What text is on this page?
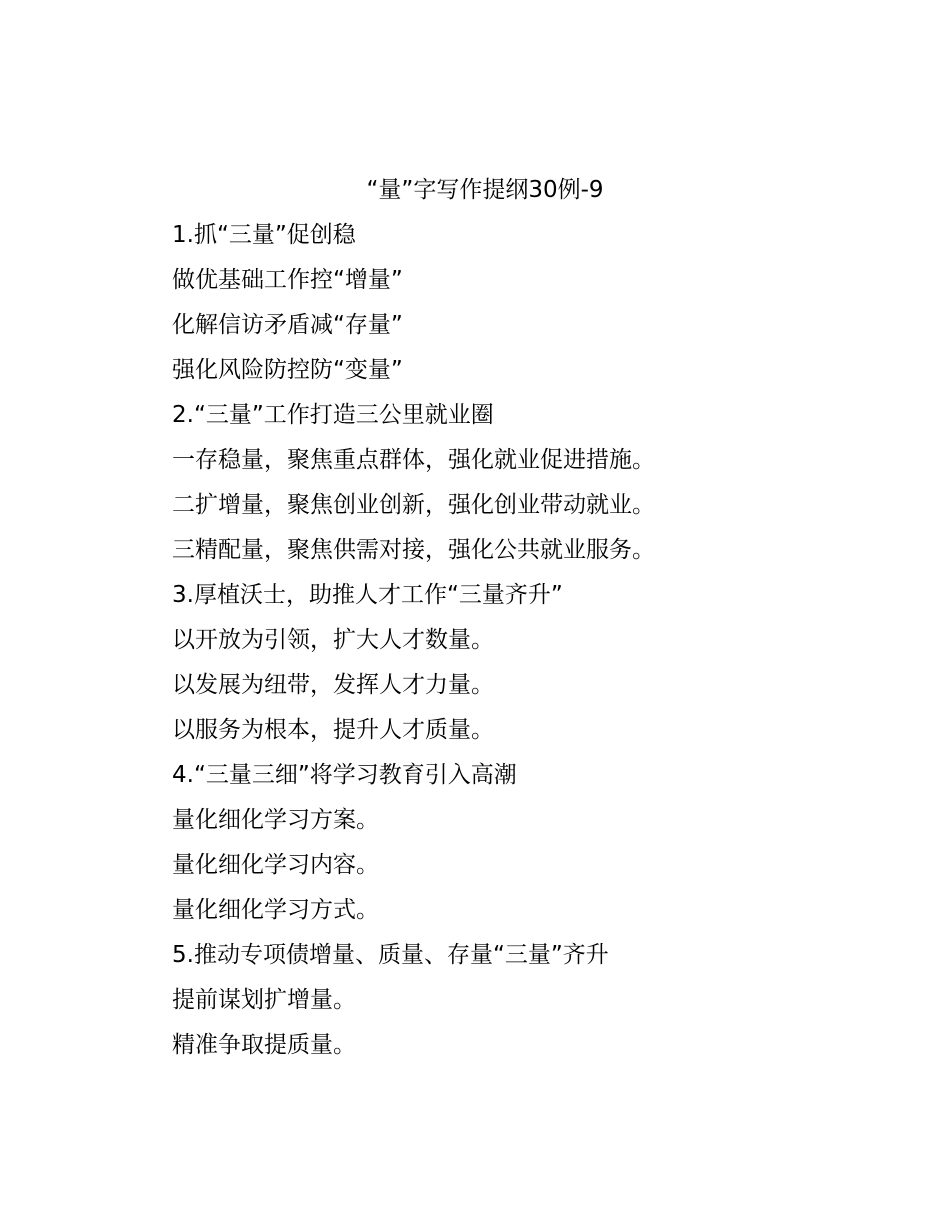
“量”字写作提纲30例-9
1.抓“三量”促创稳
做优基础工作控“增量”
化解信访矛盾减“存量”
强化风险防控防“变量”
2.“三量”工作打造三公里就业圈
一存稳量，聚焦重点群体，强化就业促进措施。
二扩增量，聚焦创业创新，强化创业带动就业。
三精配量，聚焦供需对接，强化公共就业服务。
3.厚植沃士，助推人才工作“三量齐升”
以开放为引领，扩大人才数量。
以发展为纽带，发挥人才力量。
以服务为根本，提升人才质量。
4.“三量三细”将学习教育引入高潮
量化细化学习方案。
量化细化学习内容。
量化细化学习方式。
5.推动专项债增量、质量、存量“三量”齐升
提前谋划扩增量。
精准争取提质量。
